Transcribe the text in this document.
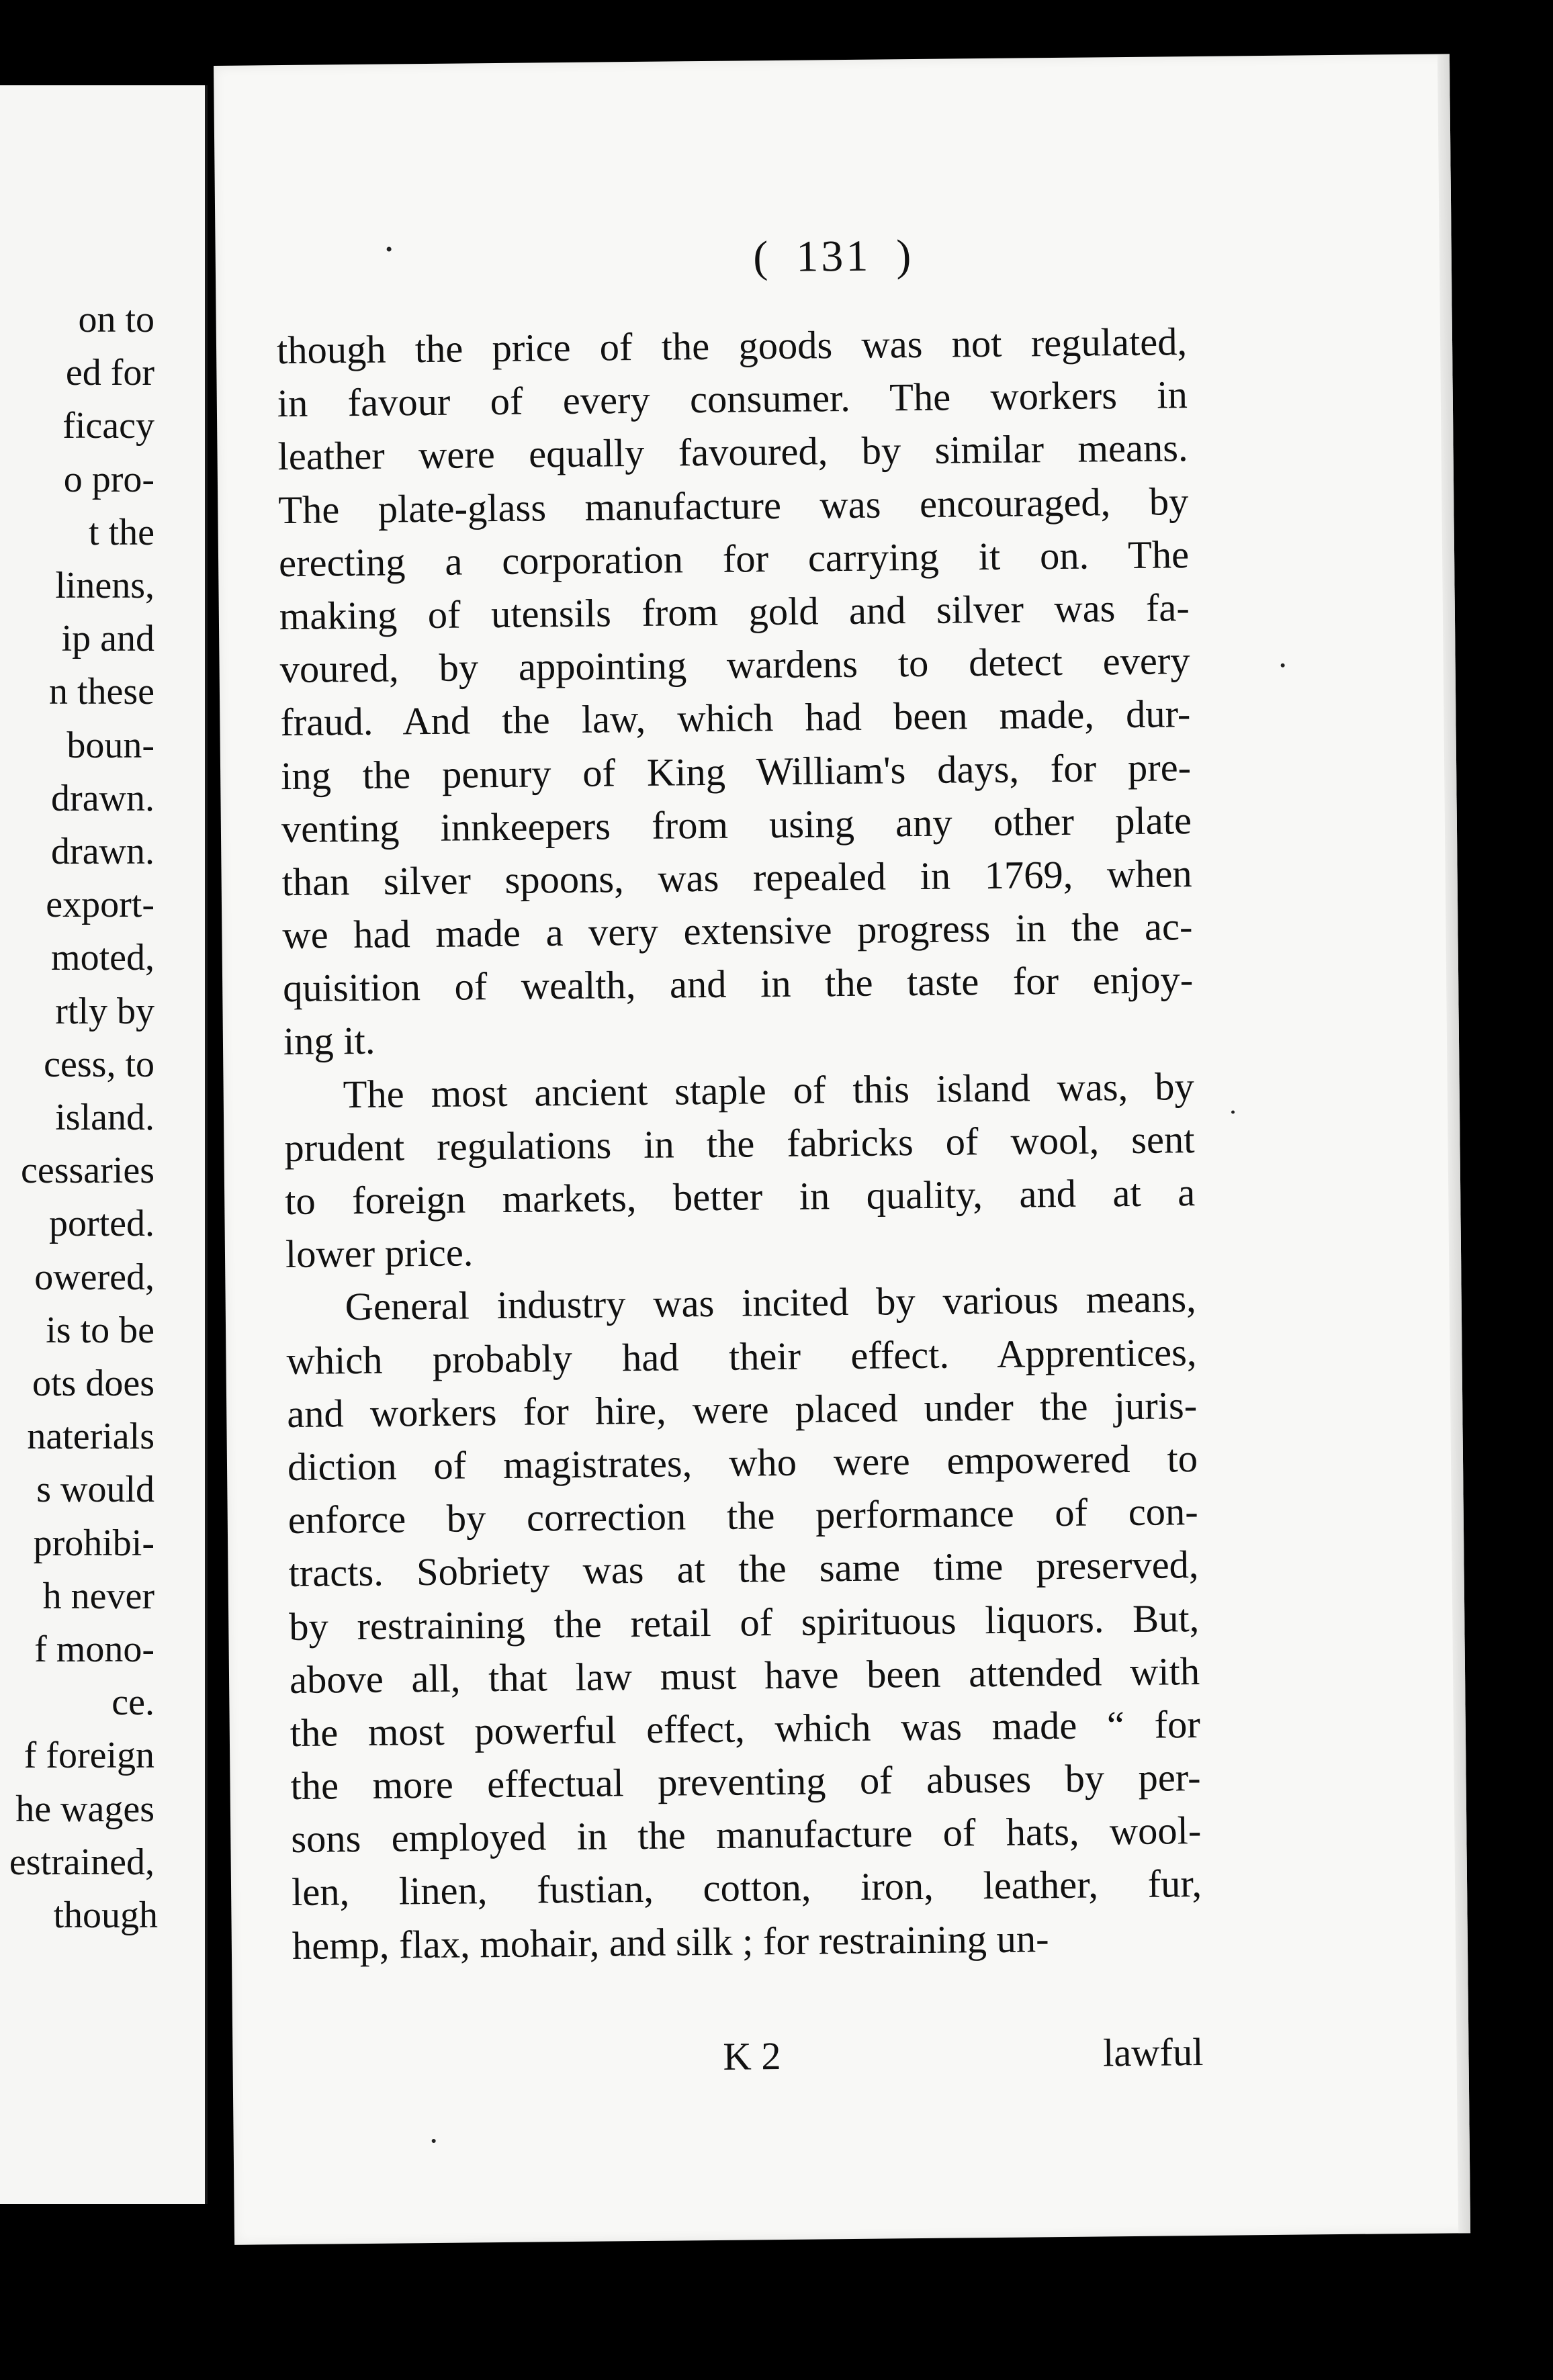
on to
ed for
ficacy
o pro-
t the
linens,
ip and
n these
boun-
drawn.
drawn.
export-
moted,
rtly by
cess, to
island.
cessaries
ported.
owered,
is to be
ots does
naterials
s would
prohibi-
h never
f mono-
ce.
f foreign
he wages
estrained,
though
( 131 )

though the price of the goods was not regulated,
in favour of every consumer. The workers in
leather were equally favoured, by similar means.
The plate-glass manufacture was encouraged, by
erecting a corporation for carrying it on. The
making of utensils from gold and silver was fa-
voured, by appointing wardens to detect every
fraud. And the law, which had been made, dur-
ing the penury of King William's days, for pre-
venting innkeepers from using any other plate
than silver spoons, was repealed in 1769, when
we had made a very extensive progress in the ac-
quisition of wealth, and in the taste for enjoy-
ing it.

The most ancient staple of this island was, by
prudent regulations in the fabricks of wool, sent
to foreign markets, better in quality, and at a
lower price.

General industry was incited by various means,
which probably had their effect. Apprentices,
and workers for hire, were placed under the juris-
diction of magistrates, who were empowered to
enforce by correction the performance of con-
tracts. Sobriety was at the same time preserved,
by restraining the retail of spirituous liquors. But,
above all, that law must have been attended with
the most powerful effect, which was made “ for
the more effectual preventing of abuses by per-
sons employed in the manufacture of hats, wool-
len, linen, fustian, cotton, iron, leather, fur,
hemp, flax, mohair, and silk ; for restraining un-

K 2	lawful
